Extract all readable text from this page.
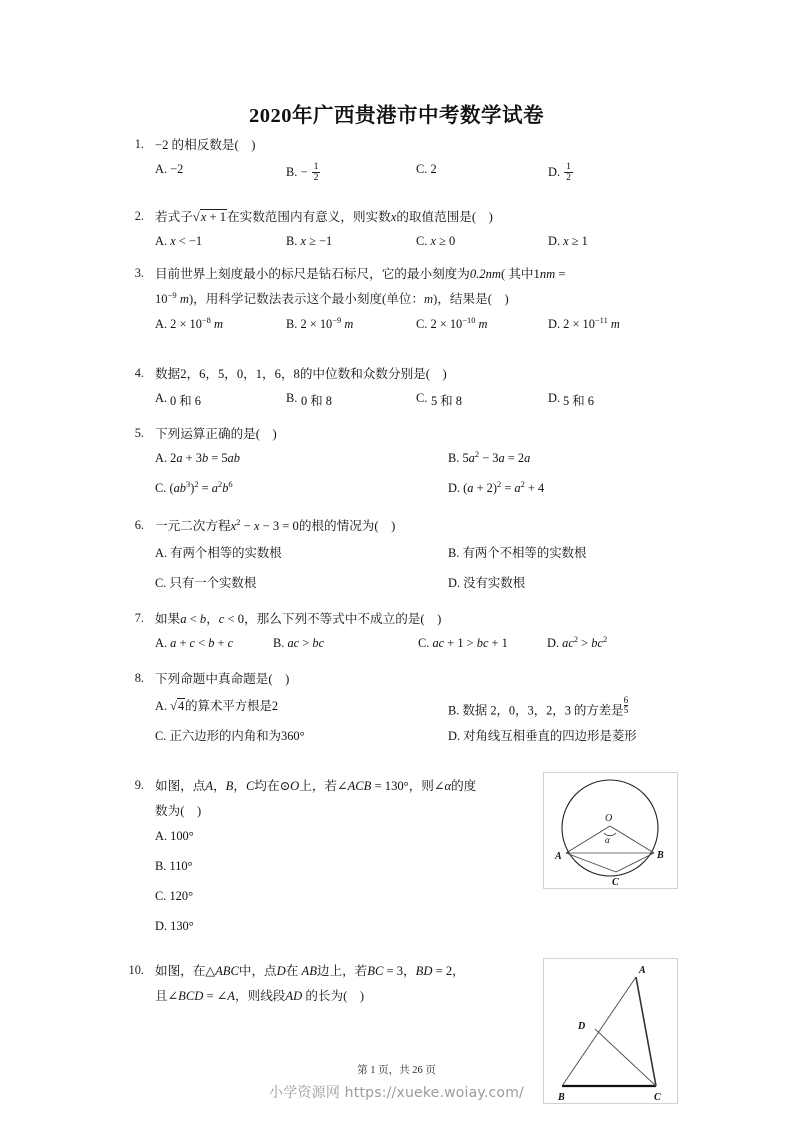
2020年广西贵港市中考数学试卷
1. −2 的相反数是(　)
A. −2	B. − $\frac{1}{2}$	C. 2	D. $\frac{1}{2}$
2. 若式子√x + 1在实数范围内有意义，则实数x的取值范围是(　)
A. x < −1	B. x ≥ −1	C. x ≥ 0	D. x ≥ 1
3. 目前世界上刻度最小的标尺是钻石标尺，它的最小刻度为0.2nm( 其中1nm =
$10^{-9}$ m)，用科学记数法表示这个最小刻度(单位：m)，结果是(　)
A. $2 \times 10^{-8}$ m	B. $2 \times 10^{-9}$ m	C. $2 \times 10^{-10}$ m	D. $2 \times 10^{-11}$ m
4. 数据2，6，5，0，1，6，8的中位数和众数分别是(　)
A. 0 和 6	B. 0 和 8	C. 5 和 8	D. 5 和 6
5. 下列运算正确的是(　)
A. 2a + 3b = 5ab	B. $5a^2 - 3a = 2a$
C. $(ab^3)^2 = a^2b^6$	D. $(a + 2)^2 = a^2 + 4$
6. 一元二次方程$x^2 - x - 3 = 0$的根的情况为(　)
A. 有两个相等的实数根	B. 有两个不相等的实数根
C. 只有一个实数根	D. 没有实数根
7. 如果a < b，c < 0，那么下列不等式中不成立的是(　)
A. a + c < b + c	B. ac > bc	C. ac + 1 > bc + 1	D. $ac^2 > bc^2$
8. 下列命题中真命题是(　)
A. √4的算术平方根是2	B. 数据 2，0，3，2，3 的方差是 $\frac{6}{5}$
C. 正六边形的内角和为360°	D. 对角线互相垂直的四边形是菱形
9. 如图，点A，B，C均在⊙O上，若∠ACB = 130°，则∠α的度
数为(　)
A. 100°
B. 110°
C. 120°
D. 130°
O
α
A	B
C
10. 如图，在△ABC中，点D在 AB边上，若BC = 3，BD = 2，
且∠BCD = ∠A，则线段AD 的长为(　)
A
B	C
D
第 1 页，共 26 页
小学资源网 https://xueke.woiay.com/
